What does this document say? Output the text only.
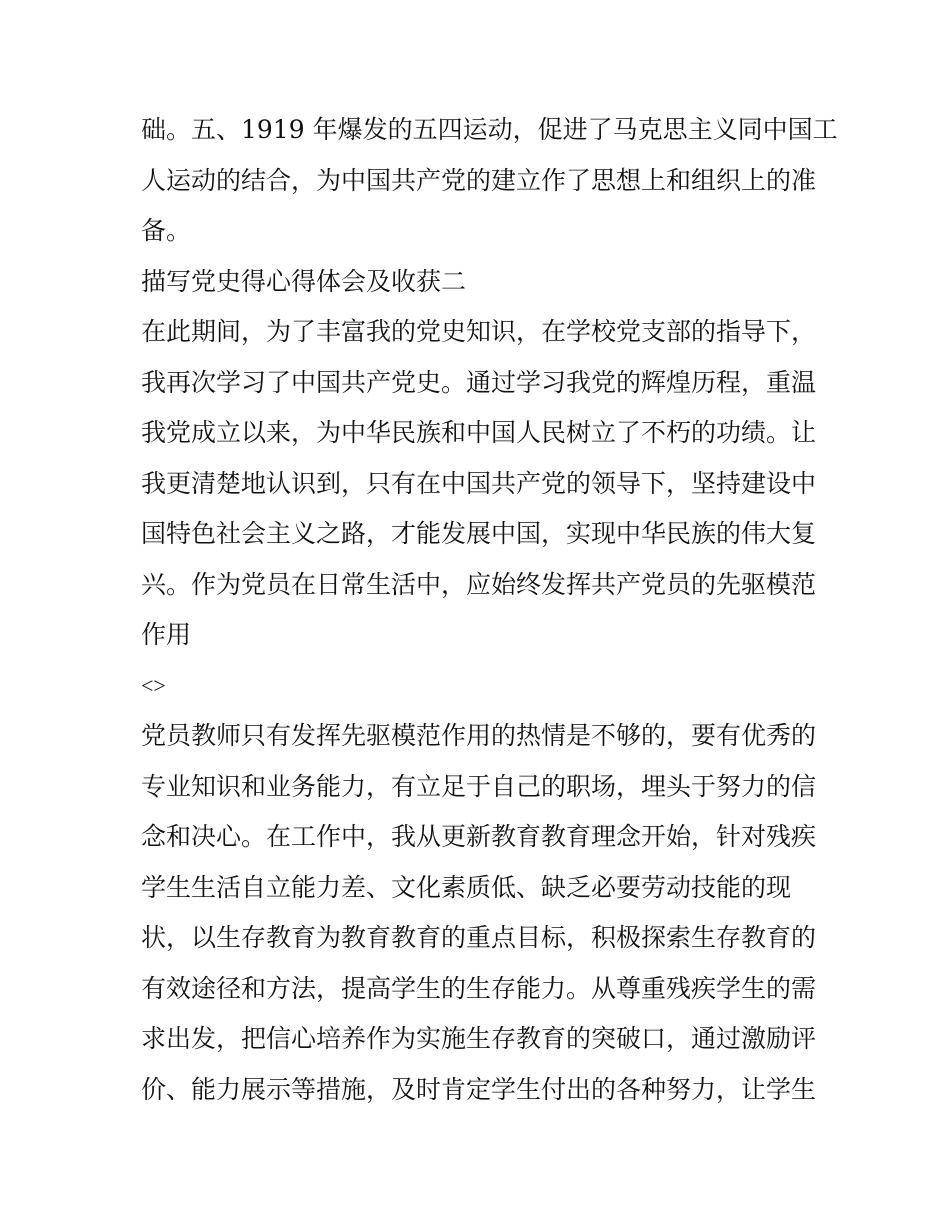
础。五、1919 年爆发的五四运动，促进了马克思主义同中国工
人运动的结合，为中国共产党的建立作了思想上和组织上的准
备。
描写党史得心得体会及收获二
在此期间，为了丰富我的党史知识，在学校党支部的指导下，
我再次学习了中国共产党史。通过学习我党的辉煌历程，重温
我党成立以来，为中华民族和中国人民树立了不朽的功绩。让
我更清楚地认识到，只有在中国共产党的领导下，坚持建设中
国特色社会主义之路，才能发展中国，实现中华民族的伟大复
兴。作为党员在日常生活中，应始终发挥共产党员的先驱模范
作用
<>
党员教师只有发挥先驱模范作用的热情是不够的，要有优秀的
专业知识和业务能力，有立足于自己的职场，埋头于努力的信
念和决心。在工作中，我从更新教育教育理念开始，针对残疾
学生生活自立能力差、文化素质低、缺乏必要劳动技能的现
状，以生存教育为教育教育的重点目标，积极探索生存教育的
有效途径和方法，提高学生的生存能力。从尊重残疾学生的需
求出发，把信心培养作为实施生存教育的突破口，通过激励评
价、能力展示等措施，及时肯定学生付出的各种努力，让学生
